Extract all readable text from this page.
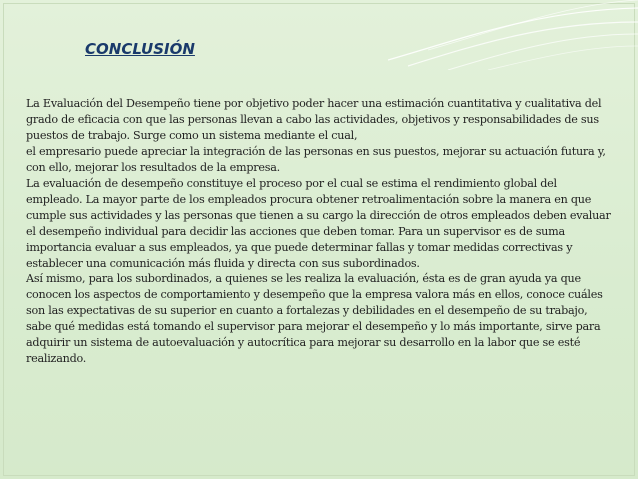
CONCLUSIÓN

La Evaluación del Desempeño tiene por objetivo poder hacer una estimación cuantitativa y cualitativa del grado de eficacia con que las personas llevan a cabo las actividades, objetivos y responsabilidades de sus puestos de trabajo. Surge como un sistema mediante el cual,

el empresario puede apreciar la integración de las personas en sus puestos, mejorar su actuación futura y, con ello, mejorar los resultados de la empresa.

La evaluación de desempeño constituye el proceso por el cual se estima el rendimiento global del empleado. La mayor parte de los empleados procura obtener retroalimentación sobre la manera en que cumple sus actividades y las personas que tienen a su cargo la dirección de otros empleados deben evaluar el desempeño individual para decidir las acciones que deben tomar. Para un supervisor es de suma importancia evaluar a sus empleados, ya que puede determinar fallas y tomar medidas correctivas y establecer una comunicación más fluida y directa con sus subordinados.

Así mismo, para los subordinados, a quienes se les realiza la evaluación, ésta es de gran ayuda ya que conocen los aspectos de comportamiento y desempeño que la empresa valora más en ellos, conoce cuáles son las expectativas de su superior en cuanto a fortalezas y debilidades en el desempeño de su trabajo, sabe qué medidas está tomando el supervisor para mejorar el desempeño y lo más importante, sirve para adquirir un sistema de autoevaluación y autocrítica para mejorar su desarrollo en la labor que se esté realizando.
